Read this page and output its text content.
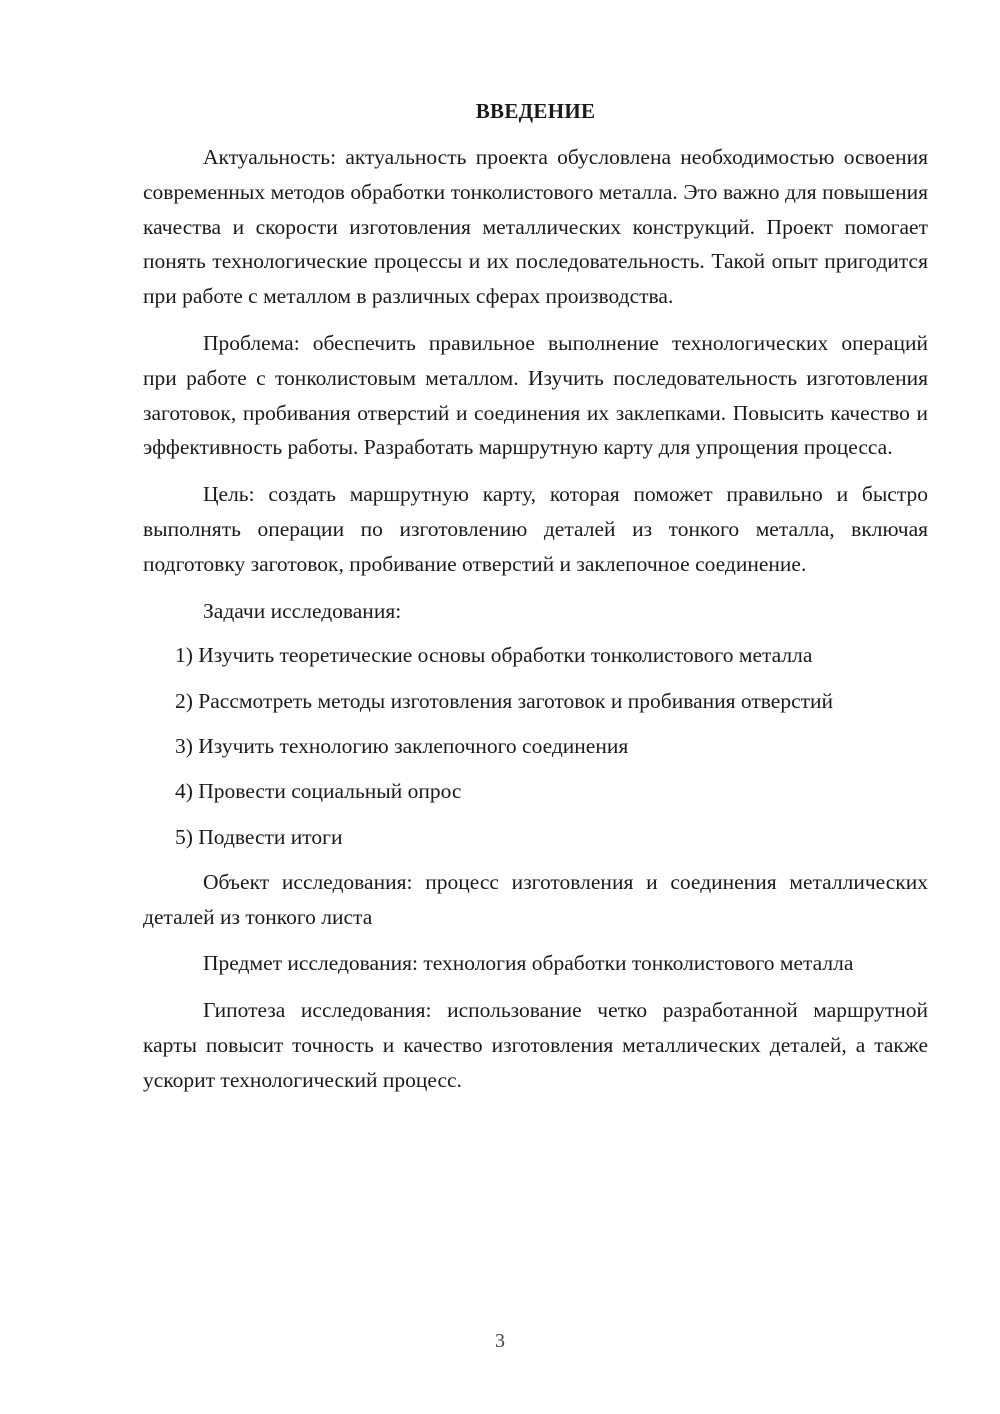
ВВЕДЕНИЕ

Актуальность: актуальность проекта обусловлена необходимостью освоения современных методов обработки тонколистового металла. Это важно для повышения качества и скорости изготовления металлических конструкций. Проект помогает понять технологические процессы и их последовательность. Такой опыт пригодится при работе с металлом в различных сферах производства.

Проблема: обеспечить правильное выполнение технологических операций при работе с тонколистовым металлом. Изучить последовательность изготовления заготовок, пробивания отверстий и соединения их заклепками. Повысить качество и эффективность работы. Разработать маршрутную карту для упрощения процесса.

Цель: создать маршрутную карту, которая поможет правильно и быстро выполнять операции по изготовлению деталей из тонкого металла, включая подготовку заготовок, пробивание отверстий и заклепочное соединение.

Задачи исследования:

1) Изучить теоретические основы обработки тонколистового металла

2) Рассмотреть методы изготовления заготовок и пробивания отверстий

3) Изучить технологию заклепочного соединения

4) Провести социальный опрос

5) Подвести итоги

Объект исследования: процесс изготовления и соединения металлических деталей из тонкого листа

Предмет исследования: технология обработки тонколистового металла

Гипотеза исследования: использование четко разработанной маршрутной карты повысит точность и качество изготовления металлических деталей, а также ускорит технологический процесс.

3
